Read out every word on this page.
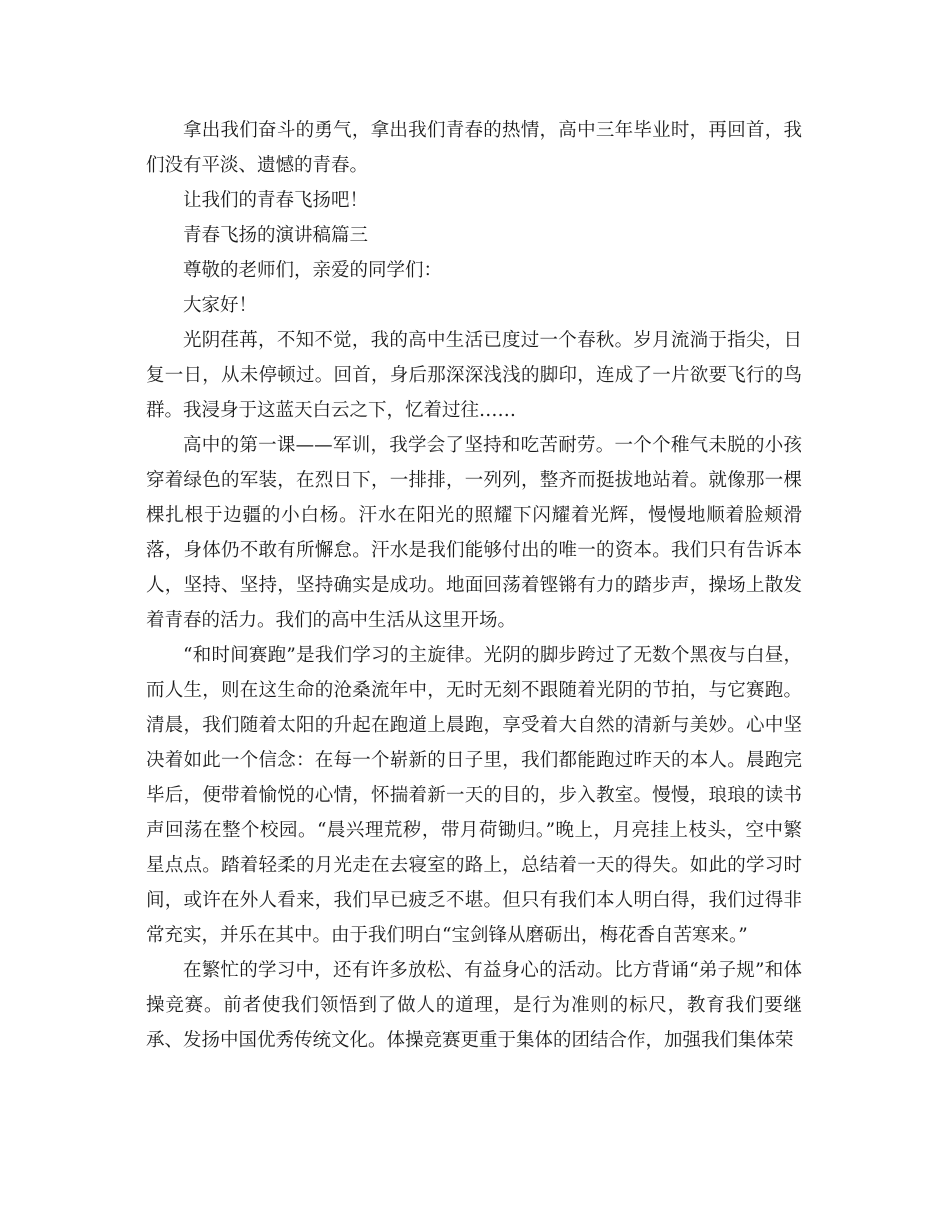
拿出我们奋斗的勇气，拿出我们青春的热情，高中三年毕业时，再回首，我们没有平淡、遗憾的青春。

让我们的青春飞扬吧！

青春飞扬的演讲稿篇三

尊敬的老师们，亲爱的同学们：

大家好！

光阴荏苒，不知不觉，我的高中生活已度过一个春秋。岁月流淌于指尖，日复一日，从未停顿过。回首，身后那深深浅浅的脚印，连成了一片欲要飞行的鸟群。我浸身于这蓝天白云之下，忆着过往……

高中的第一课——军训，我学会了坚持和吃苦耐劳。一个个稚气未脱的小孩穿着绿色的军装，在烈日下，一排排，一列列，整齐而挺拔地站着。就像那一棵棵扎根于边疆的小白杨。汗水在阳光的照耀下闪耀着光辉，慢慢地顺着脸颊滑落，身体仍不敢有所懈怠。汗水是我们能够付出的唯一的资本。我们只有告诉本人，坚持、坚持，坚持确实是成功。地面回荡着铿锵有力的踏步声，操场上散发着青春的活力。我们的高中生活从这里开场。

“和时间赛跑”是我们学习的主旋律。光阴的脚步跨过了无数个黑夜与白昼，而人生，则在这生命的沧桑流年中，无时无刻不跟随着光阴的节拍，与它赛跑。清晨，我们随着太阳的升起在跑道上晨跑，享受着大自然的清新与美妙。心中坚决着如此一个信念：在每一个崭新的日子里，我们都能跑过昨天的本人。晨跑完毕后，便带着愉悦的心情，怀揣着新一天的目的，步入教室。慢慢，琅琅的读书声回荡在整个校园。“晨兴理荒秽，带月荷锄归。”晚上，月亮挂上枝头，空中繁星点点。踏着轻柔的月光走在去寝室的路上，总结着一天的得失。如此的学习时间，或许在外人看来，我们早已疲乏不堪。但只有我们本人明白得，我们过得非常充实，并乐在其中。由于我们明白“宝剑锋从磨砺出，梅花香自苦寒来。”

在繁忙的学习中，还有许多放松、有益身心的活动。比方背诵“弟子规”和体操竞赛。前者使我们领悟到了做人的道理，是行为准则的标尺，教育我们要继承、发扬中国优秀传统文化。体操竞赛更重于集体的团结合作，加强我们集体荣
